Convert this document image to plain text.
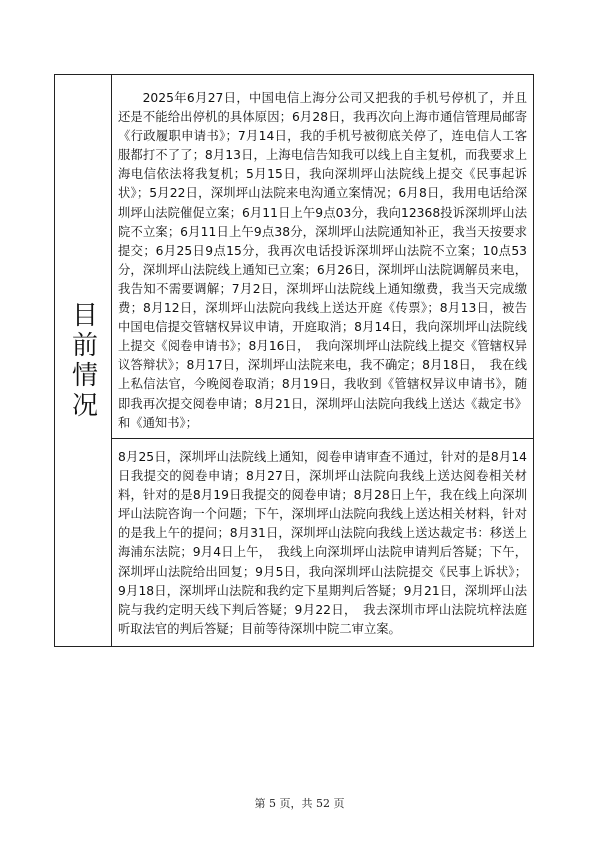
目前情况

2025年6月27日，中国电信上海分公司又把我的手机号停机了，并且还是不能给出停机的具体原因；6月28日，我再次向上海市通信管理局邮寄《行政履职申请书》；7月14日，我的手机号被彻底关停了，连电信人工客服都打不了了；8月13日，上海电信告知我可以线上自主复机，而我要求上海电信依法将我复机；5月15日，我向深圳坪山法院线上提交《民事起诉状》；5月22日，深圳坪山法院来电沟通立案情况；6月8日，我用电话给深圳坪山法院催促立案；6月11日上午9点03分，我向12368投诉深圳坪山法院不立案；6月11日上午9点38分，深圳坪山法院通知补正，我当天按要求提交；6月25日9点15分，我再次电话投诉深圳坪山法院不立案；10点53分，深圳坪山法院线上通知已立案；6月26日，深圳坪山法院调解员来电，我告知不需要调解；7月2日，深圳坪山法院线上通知缴费，我当天完成缴费；8月12日，深圳坪山法院向我线上送达开庭《传票》；8月13日，被告中国电信提交管辖权异议申请，开庭取消；8月14日，我向深圳坪山法院线上提交《阅卷申请书》；8月16日，　我向深圳坪山法院线上提交《管辖权异议答辩状》；8月17日，深圳坪山法院来电，我不确定；8月18日，　我在线上私信法官，今晚阅卷取消；8月19日，我收到《管辖权异议申请书》，随即我再次提交阅卷申请；8月21日，深圳坪山法院向我线上送达《裁定书》和《通知书》；

8月25日，深圳坪山法院线上通知，阅卷申请审查不通过，针对的是8月14日我提交的阅卷申请；8月27日，深圳坪山法院向我线上送达阅卷相关材料，针对的是8月19日我提交的阅卷申请；8月28日上午，我在线上向深圳坪山法院咨询一个问题；下午，深圳坪山法院向我线上送达相关材料，针对的是我上午的提问；8月31日，深圳坪山法院向我线上送达裁定书：移送上海浦东法院；9月4日上午，　我线上向深圳坪山法院申请判后答疑；下午，深圳坪山法院给出回复；9月5日，我向深圳坪山法院提交《民事上诉状》；9月18日，深圳坪山法院和我约定下星期判后答疑；9月21日，深圳坪山法院与我约定明天线下判后答疑；9月22日，　我去深圳市坪山法院坑梓法庭听取法官的判后答疑；目前等待深圳中院二审立案。

第 5 页，共 52 页
